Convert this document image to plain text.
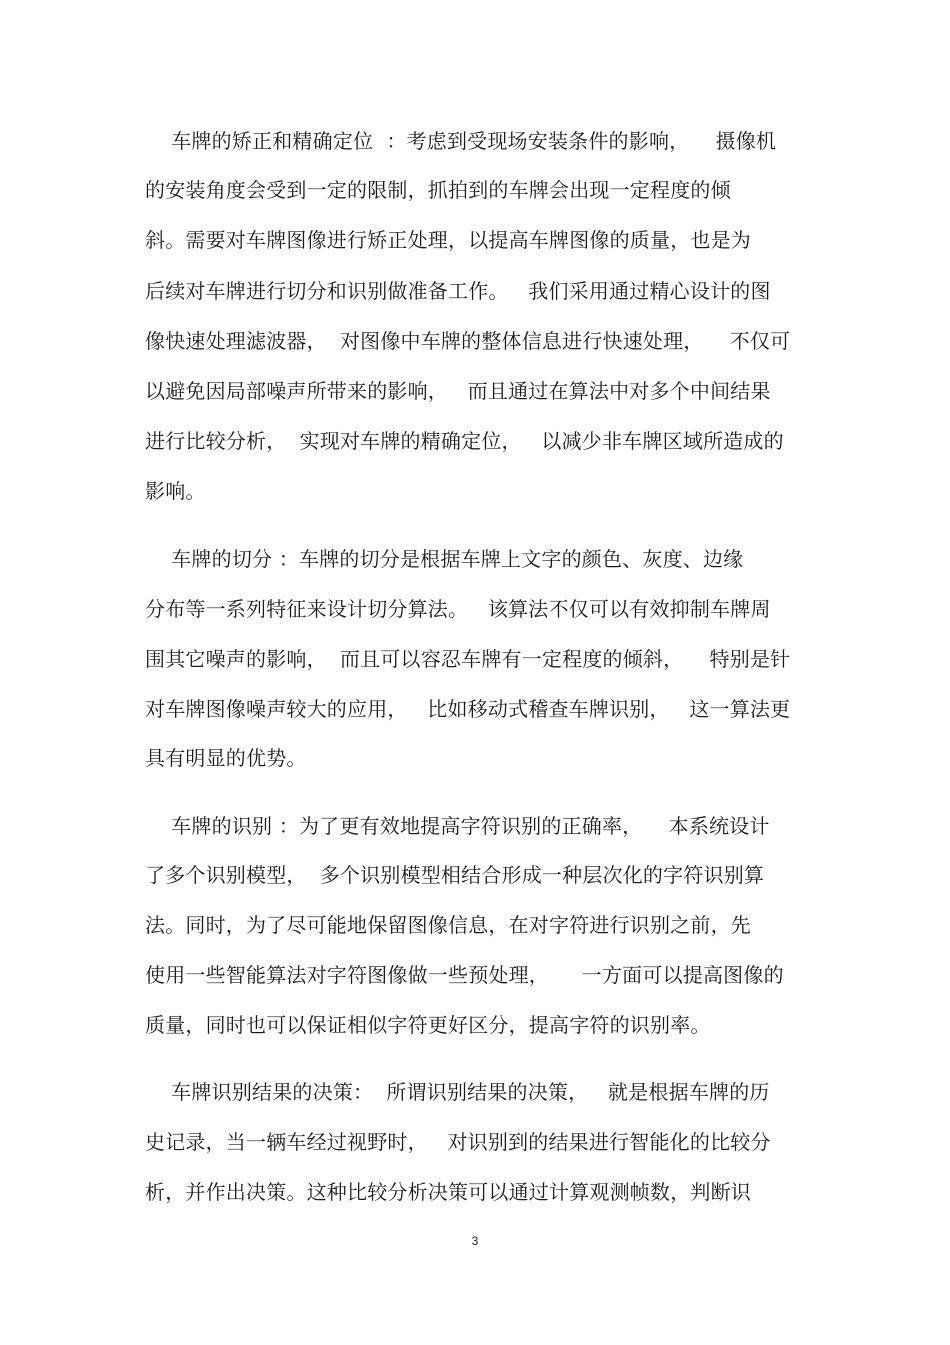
车牌的矫正和精确定位  ：考虑到受现场安装条件的影响，    摄像机
的安装角度会受到一定的限制，抓拍到的车牌会出现一定程度的倾
斜。需要对车牌图像进行矫正处理，以提高车牌图像的质量，也是为
后续对车牌进行切分和识别做准备工作。   我们采用通过精心设计的图
像快速处理滤波器，  对图像中车牌的整体信息进行快速处理，    不仅可
以避免因局部噪声所带来的影响，   而且通过在算法中对多个中间结果
进行比较分析，  实现对车牌的精确定位，   以减少非车牌区域所造成的
影响。
车牌的切分 ：车牌的切分是根据车牌上文字的颜色、灰度、边缘
分布等一系列特征来设计切分算法。   该算法不仅可以有效抑制车牌周
围其它噪声的影响，  而且可以容忍车牌有一定程度的倾斜，    特别是针
对车牌图像噪声较大的应用，   比如移动式稽查车牌识别，   这一算法更
具有明显的优势。
车牌的识别 ：为了更有效地提高字符识别的正确率，    本系统设计
了多个识别模型，  多个识别模型相结合形成一种层次化的字符识别算
法。同时，为了尽可能地保留图像信息，在对字符进行识别之前，先
使用一些智能算法对字符图像做一些预处理，     一方面可以提高图像的
质量，同时也可以保证相似字符更好区分，提高字符的识别率。
车牌识别结果的决策：  所谓识别结果的决策，   就是根据车牌的历
史记录，当一辆车经过视野时，   对识别到的结果进行智能化的比较分
析，并作出决策。这种比较分析决策可以通过计算观测帧数，判断识
3
